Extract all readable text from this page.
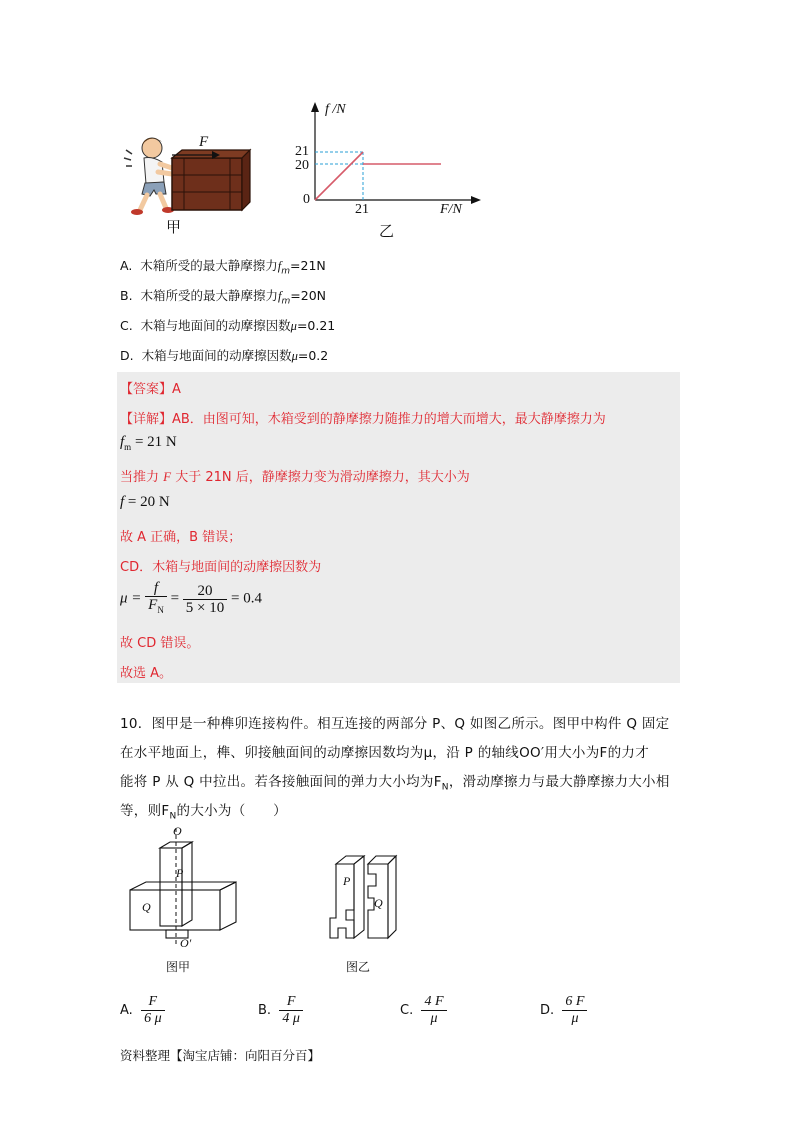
F
甲
f /N
21
20
0
21	F/N
乙
A. 木箱所受的最大静摩擦力$f_m=21N$
B. 木箱所受的最大静摩擦力$f_m=20N$
C. 木箱与地面间的动摩擦因数μ=0.21
D. 木箱与地面间的动摩擦因数μ=0.2
【答案】A
【详解】AB．由图可知，木箱受到的静摩擦力随推力的增大而增大，最大静摩擦力为
$f_m = 21$ N
当推力 F 大于 21N 后，静摩擦力变为滑动摩擦力，其大小为
f = 20 N
故 A 正确，B 错误；
CD．木箱与地面间的动摩擦因数为
$\mu = \frac{f}{F_N} = \frac{20}{5 \times 10} = 0.4$
故 CD 错误。
故选 A。
10．图甲是一种榫卯连接构件。相互连接的两部分 P、Q 如图乙所示。图甲中构件 Q 固定
在水平地面上，榫、卯接触面间的动摩擦因数均为μ，沿 P 的轴线OO′用大小为F的力才
能将 P 从 Q 中拉出。若各接触面间的弹力大小均为$F_N$，滑动摩擦力与最大静摩擦力大小相
等，则$F_N$的大小为（　　）
O
P
Q
O′
图甲
P
Q
图乙
A. $\frac{F}{6 \mu}$	B. $\frac{F}{4 \mu}$	C. $\frac{4 F}{\mu}$	D. $\frac{6 F}{\mu}$
资料整理【淘宝店铺：向阳百分百】
